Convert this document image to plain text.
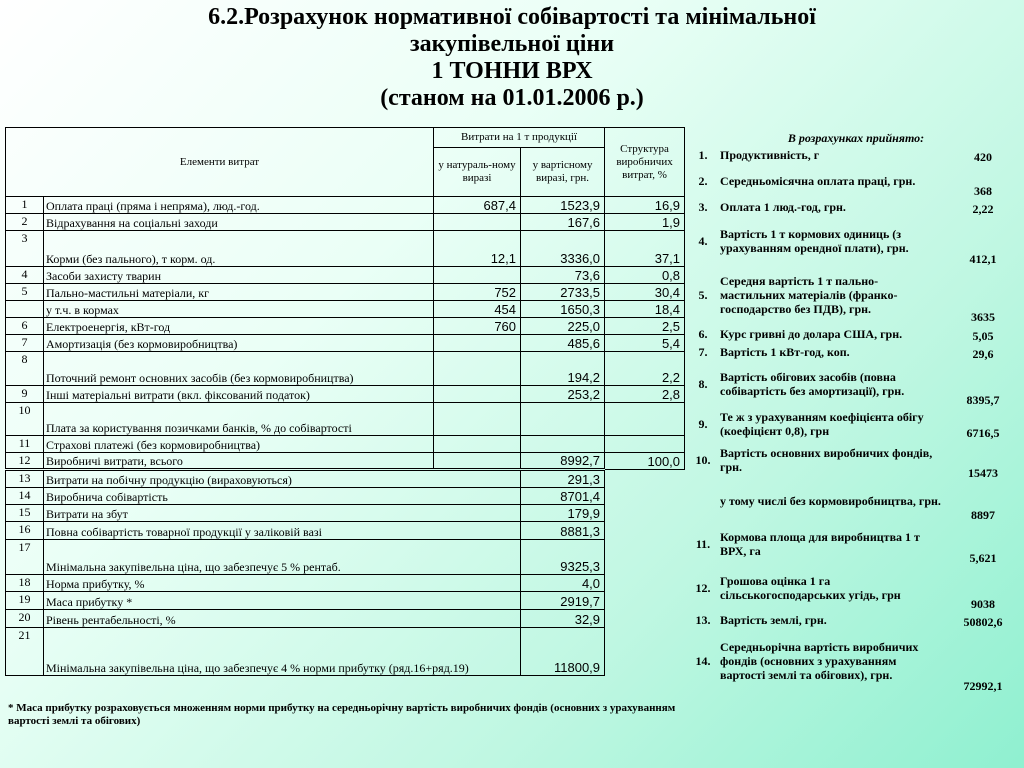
6.2.Розрахунок нормативної собівартості та мінімальної
закупівельної ціни
1 ТОННИ ВРХ
(станом на 01.01.2006 р.)
Елементи витрат		Витрати на 1 т продукції		Структура виробничих витрат, %
		у натураль-ному виразі	у вартісному виразі, грн.	
1	Оплата праці (пряма і непряма), люд.-год.	687,4	1523,9	16,9
2	Відрахування на соціальні заходи		167,6	1,9
3	Корми (без пального), т корм. од.	12,1	3336,0	37,1
4	Засоби захисту тварин		73,6	0,8
5	Пально-мастильні матеріали, кг	752	2733,5	30,4
	у т.ч. в кормах	454	1650,3	18,4
6	Електроенергія, кВт-год	760	225,0	2,5
7	Амортизація (без кормовиробництва)		485,6	5,4
8	Поточний ремонт основних засобів (без кормовиробництва)		194,2	2,2
9	Інші матеріальні витрати (вкл. фіксований податок)		253,2	2,8
10	Плата за користування позичками банків, % до собівартості			
11	Страхові платежі (без кормовиробництва)			
12	Виробничі витрати, всього		8992,7	100,0
13	Витрати на побічну продукцію (вираховуються)		291,3	
14	Виробнича собівартість		8701,4	
15	Витрати на збут		179,9	
16	Повна собівартість товарної продукції у заліковій вазі		8881,3	
17	Мінімальна закупівельна ціна, що забезпечує 5 % рентаб.		9325,3	
18	Норма прибутку, %		4,0	
19	Маса прибутку *		2919,7	
20	Рівень рентабельності, %		32,9	
21	Мінімальна закупівельна ціна, що забезпечує 4 % норми прибутку (ряд.16+ряд.19)		11800,9	
* Маса прибутку розраховується множенням норми прибутку на середньорічну вартість виробничих фондів (основних з урахуванням вартості землі та обігових)
В розрахунках прийнято:
1.	Продуктивність, г	420
2.	Середньомісячна оплата праці, грн.	368
3.	Оплата 1 люд.-год, грн.	2,22
4.	Вартість 1 т кормових одиниць (з урахуванням орендної плати), грн.	412,1
5.	Середня вартість 1 т пально-мастильних матеріалів (франко-господарство без ПДВ), грн.	3635
6.	Курс гривні до долара США, грн.	5,05
7.	Вартість 1 кВт-год, коп.	29,6
8.	Вартість обігових засобів (повна собівартість без амортизації), грн.	8395,7
9.	Те ж з урахуванням коефіцієнта обігу (коефіцієнт 0,8), грн	6716,5
10.	Вартість основних виробничих фондів, грн.	15473
	у тому числі без кормовиробництва, грн.	8897
11.	Кормова площа для виробництва 1 т ВРХ, га	5,621
12.	Грошова оцінка 1 га сільськогосподарських угідь, грн	9038
13.	Вартість землі, грн.	50802,6
14.	Середньорічна вартість виробничих фондів (основних з урахуванням вартості землі та обігових), грн.	72992,1
